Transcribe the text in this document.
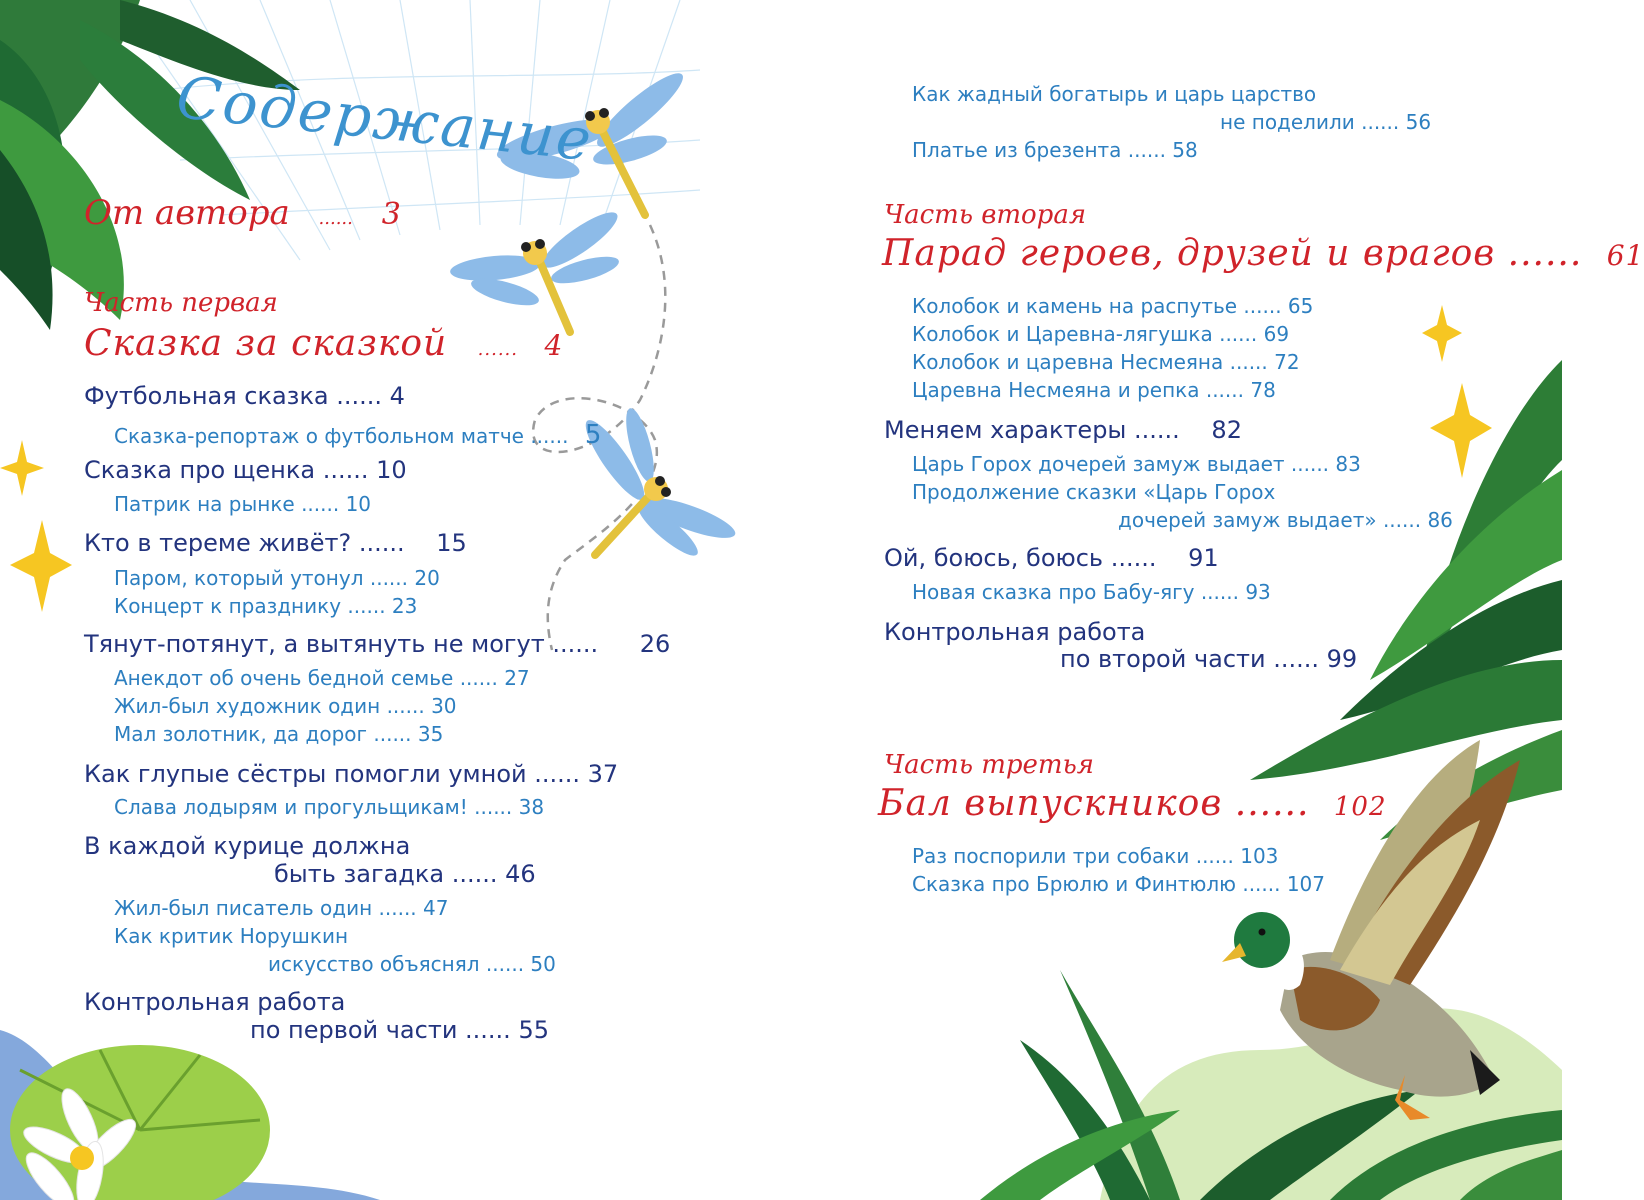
Содержание
От автора ...... 3
Часть первая
Сказка за сказкой ...... 4
Футбольная сказка ...... 4
Сказка-репортаж о футбольном матче ...... 5
Сказка про щенка ...... 10
Патрик на рынке ...... 10
Кто в тереме живёт? ...... 15
Паром, который утонул ...... 20
Концерт к празднику ...... 23
Тянут-потянут, а вытянуть не могут ...... 26
Анекдот об очень бедной семье ...... 27
Жил-был художник один ...... 30
Мал золотник, да дорог ...... 35
Как глупые сёстры помогли умной ...... 37
Слава лодырям и прогульщикам! ...... 38
В каждой курице должна
быть загадка ...... 46
Жил-был писатель один ...... 47
Как критик Норушкин
искусство объяснял ...... 50
Контрольная работа
по первой части ...... 55
Как жадный богатырь и царь царство
не поделили ...... 56
Платье из брезента ...... 58
Часть вторая
Парад героев, друзей и врагов ...... 61
Колобок и камень на распутье ...... 65
Колобок и Царевна-лягушка ...... 69
Колобок и царевна Несмеяна ...... 72
Царевна Несмеяна и репка ...... 78
Меняем характеры ...... 82
Царь Горох дочерей замуж выдает ...... 83
Продолжение сказки «Царь Горох
дочерей замуж выдает» ...... 86
Ой, боюсь, боюсь ...... 91
Новая сказка про Бабу-ягу ...... 93
Контрольная работа
по второй части ...... 99
Часть третья
Бал выпускников ...... 102
Раз поспорили три собаки ...... 103
Сказка про Брюлю и Финтюлю ...... 107
